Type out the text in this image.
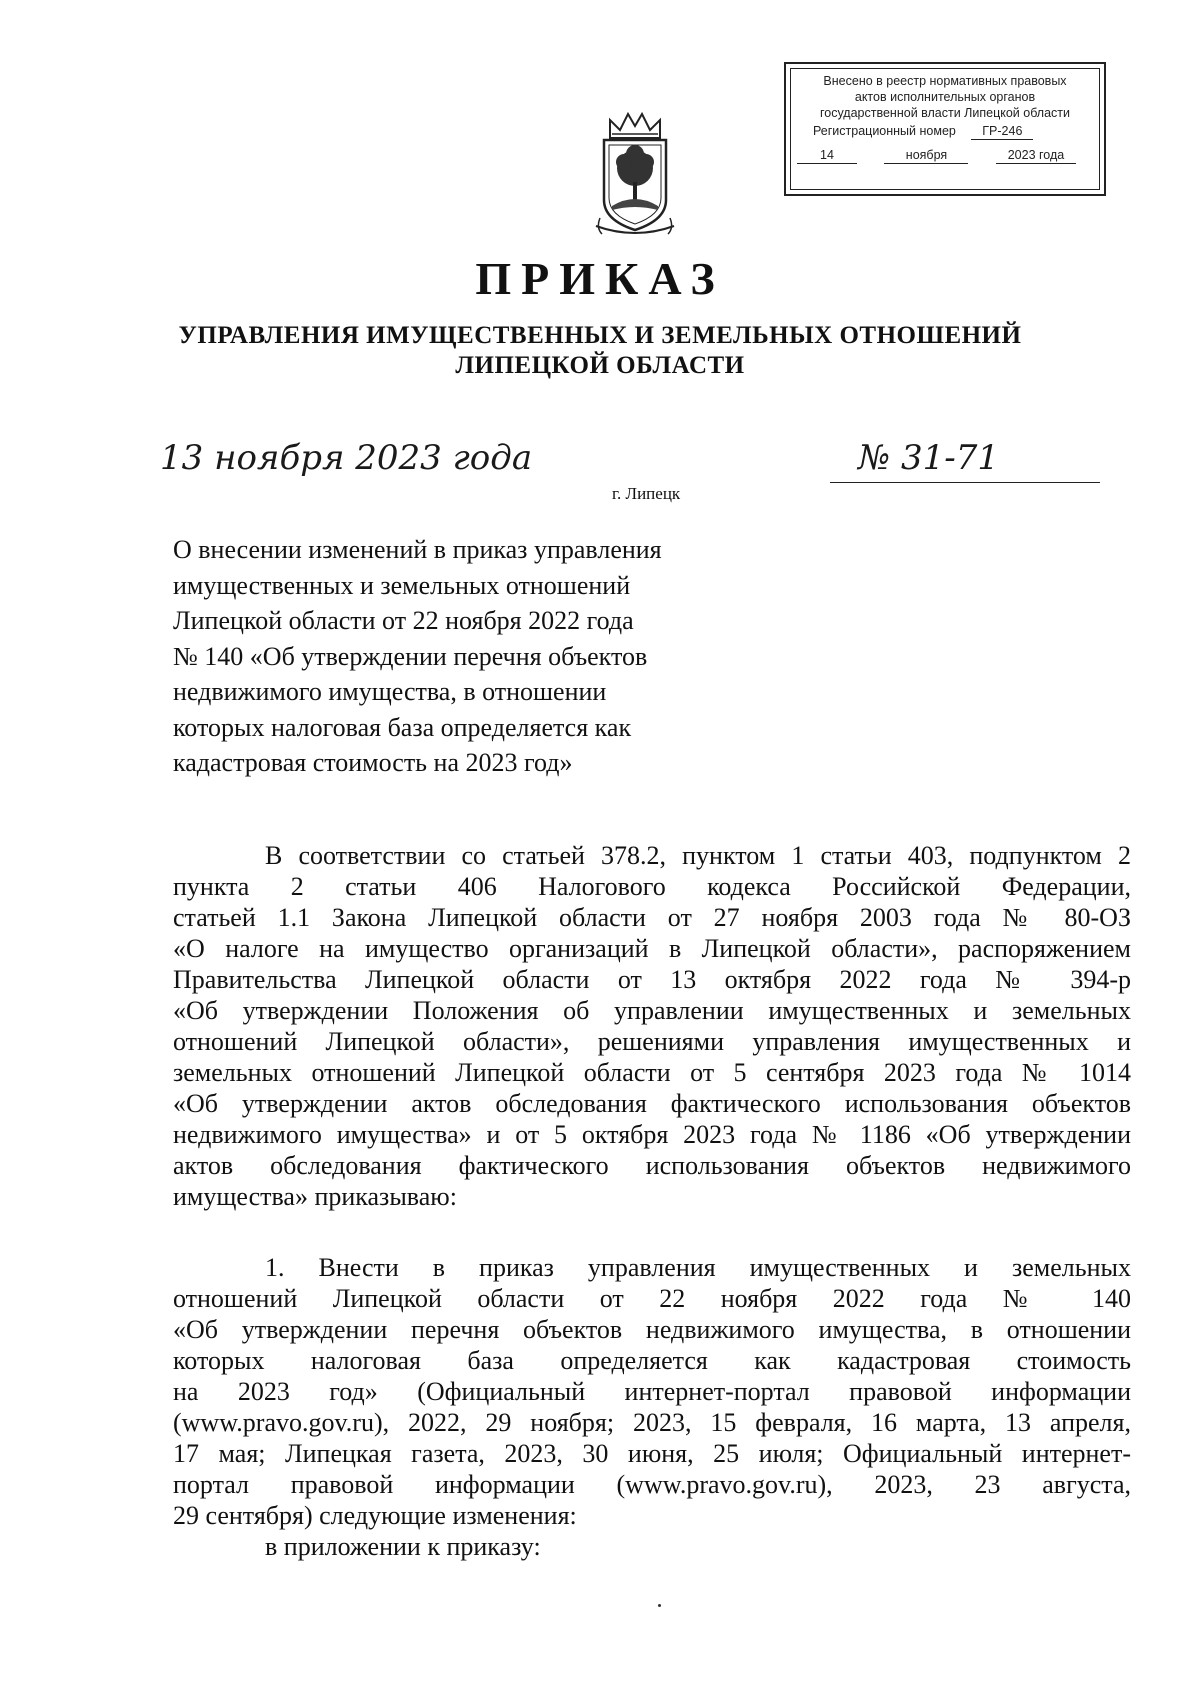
Внесено в реестр нормативных правовых
актов исполнительных органов
государственной власти Липецкой области
Регистрационный номер ГР-246
14	ноября	2023 года
ПРИКАЗ
УПРАВЛЕНИЯ ИМУЩЕСТВЕННЫХ И ЗЕМЕЛЬНЫХ ОТНОШЕНИЙ
ЛИПЕЦКОЙ ОБЛАСТИ
13 ноября 2023 года	№ 31-71
г. Липецк
О внесении изменений в приказ управления
имущественных и земельных отношений
Липецкой области от 22 ноября 2022 года
№ 140 «Об утверждении перечня объектов
недвижимого имущества, в отношении
которых налоговая база определяется как
кадастровая стоимость на 2023 год»
В соответствии со статьей 378.2, пунктом 1 статьи 403, подпунктом 2
пункта 2 статьи 406 Налогового кодекса Российской Федерации,
статьей 1.1 Закона Липецкой области от 27 ноября 2003 года № 80-ОЗ
«О налоге на имущество организаций в Липецкой области», распоряжением
Правительства Липецкой области от 13 октября 2022 года № 394-р
«Об утверждении Положения об управлении имущественных и земельных
отношений Липецкой области», решениями управления имущественных и
земельных отношений Липецкой области от 5 сентября 2023 года № 1014
«Об утверждении актов обследования фактического использования объектов
недвижимого имущества» и от 5 октября 2023 года № 1186 «Об утверждении
актов обследования фактического использования объектов недвижимого
имущества» приказываю:
1. Внести в приказ управления имущественных и земельных
отношений Липецкой области от 22 ноября 2022 года № 140
«Об утверждении перечня объектов недвижимого имущества, в отношении
которых налоговая база определяется как кадастровая стоимость
на 2023 год» (Официальный интернет-портал правовой информации
(www.pravo.gov.ru), 2022, 29 ноября; 2023, 15 февраля, 16 марта, 13 апреля,
17 мая; Липецкая газета, 2023, 30 июня, 25 июля; Официальный интернет-
портал правовой информации (www.pravo.gov.ru), 2023, 23 августа,
29 сентября) следующие изменения:
в приложении к приказу:
